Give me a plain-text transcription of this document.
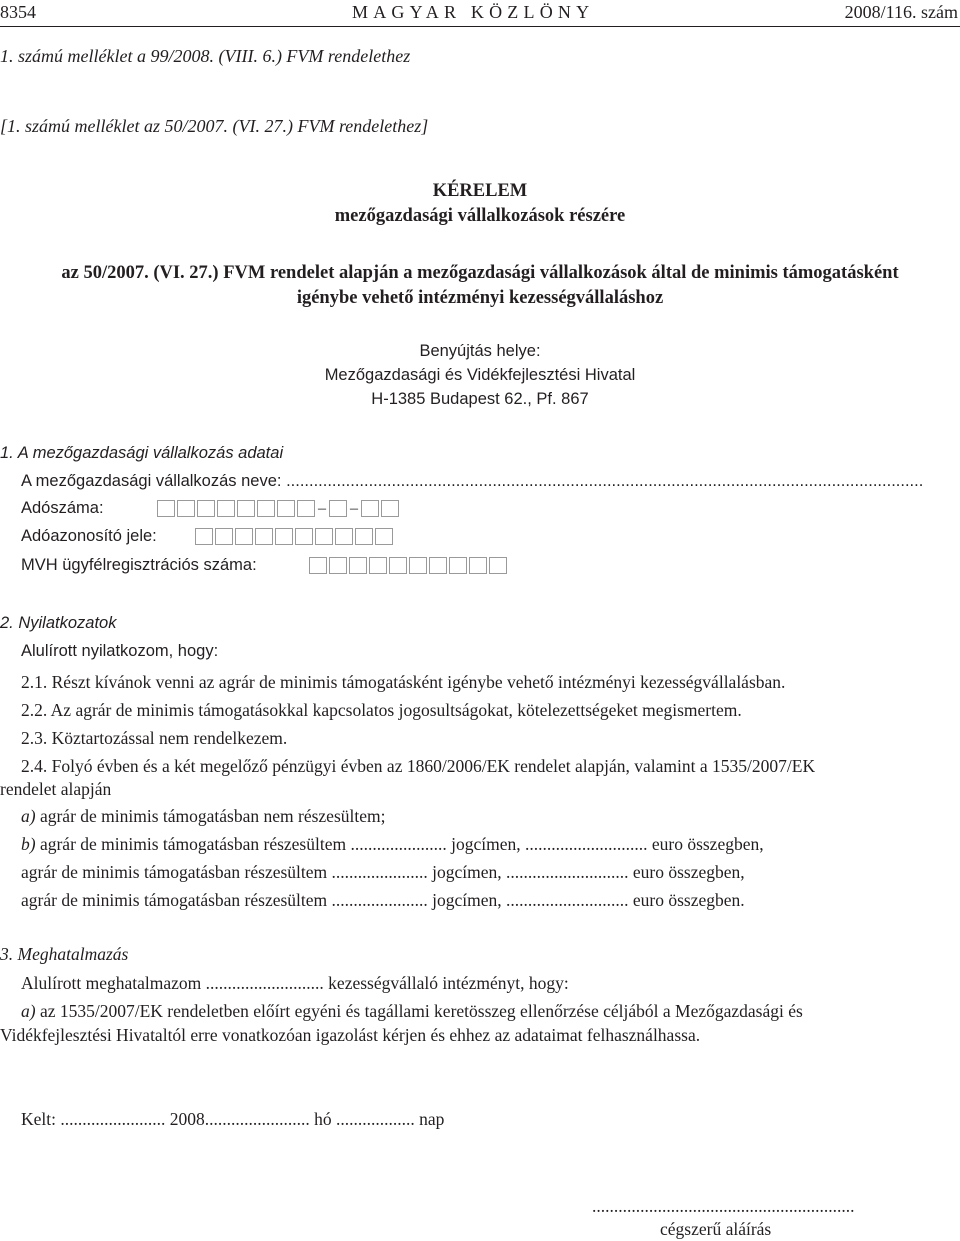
8354	MAGYAR KÖZLÖNY	2008/116. szám
1. számú melléklet a 99/2008. (VIII. 6.) FVM rendelethez
[1. számú melléklet az 50/2007. (VI. 27.) FVM rendelethez]
KÉRELEM
mezőgazdasági vállalkozások részére
az 50/2007. (VI. 27.) FVM rendelet alapján a mezőgazdasági vállalkozások által de minimis támogatásként
igénybe vehető intézményi kezességvállaláshoz
Benyújtás helye:
Mezőgazdasági és Vidékfejlesztési Hivatal
H-1385 Budapest 62., Pf. 867
1. A mezőgazdasági vállalkozás adatai
A mezőgazdasági vállalkozás neve: ...........................................................................................................................................
Adószáma:	– –
Adóazonosító jele:
MVH ügyfélregisztrációs száma:
2. Nyilatkozatok
Alulírott nyilatkozom, hogy:
2.1. Részt kívánok venni az agrár de minimis támogatásként igénybe vehető intézményi kezességvállalásban.
2.2. Az agrár de minimis támogatásokkal kapcsolatos jogosultságokat, kötelezettségeket megismertem.
2.3. Köztartozással nem rendelkezem.
2.4. Folyó évben és a két megelőző pénzügyi évben az 1860/2006/EK rendelet alapján, valamint a 1535/2007/EK
rendelet alapján
a) agrár de minimis támogatásban nem részesültem;
b) agrár de minimis támogatásban részesültem ...................... jogcímen, ............................ euro összegben,
agrár de minimis támogatásban részesültem ...................... jogcímen, ............................ euro összegben,
agrár de minimis támogatásban részesültem ...................... jogcímen, ............................ euro összegben.
3. Meghatalmazás
Alulírott meghatalmazom ........................... kezességvállaló intézményt, hogy:
a) az 1535/2007/EK rendeletben előírt egyéni és tagállami keretösszeg ellenőrzése céljából a Mezőgazdasági és
Vidékfejlesztési Hivataltól erre vonatkozóan igazolást kérjen és ehhez az adataimat felhasználhassa.
Kelt: ........................ 2008........................ hó .................. nap
............................................................
cégszerű aláírás
